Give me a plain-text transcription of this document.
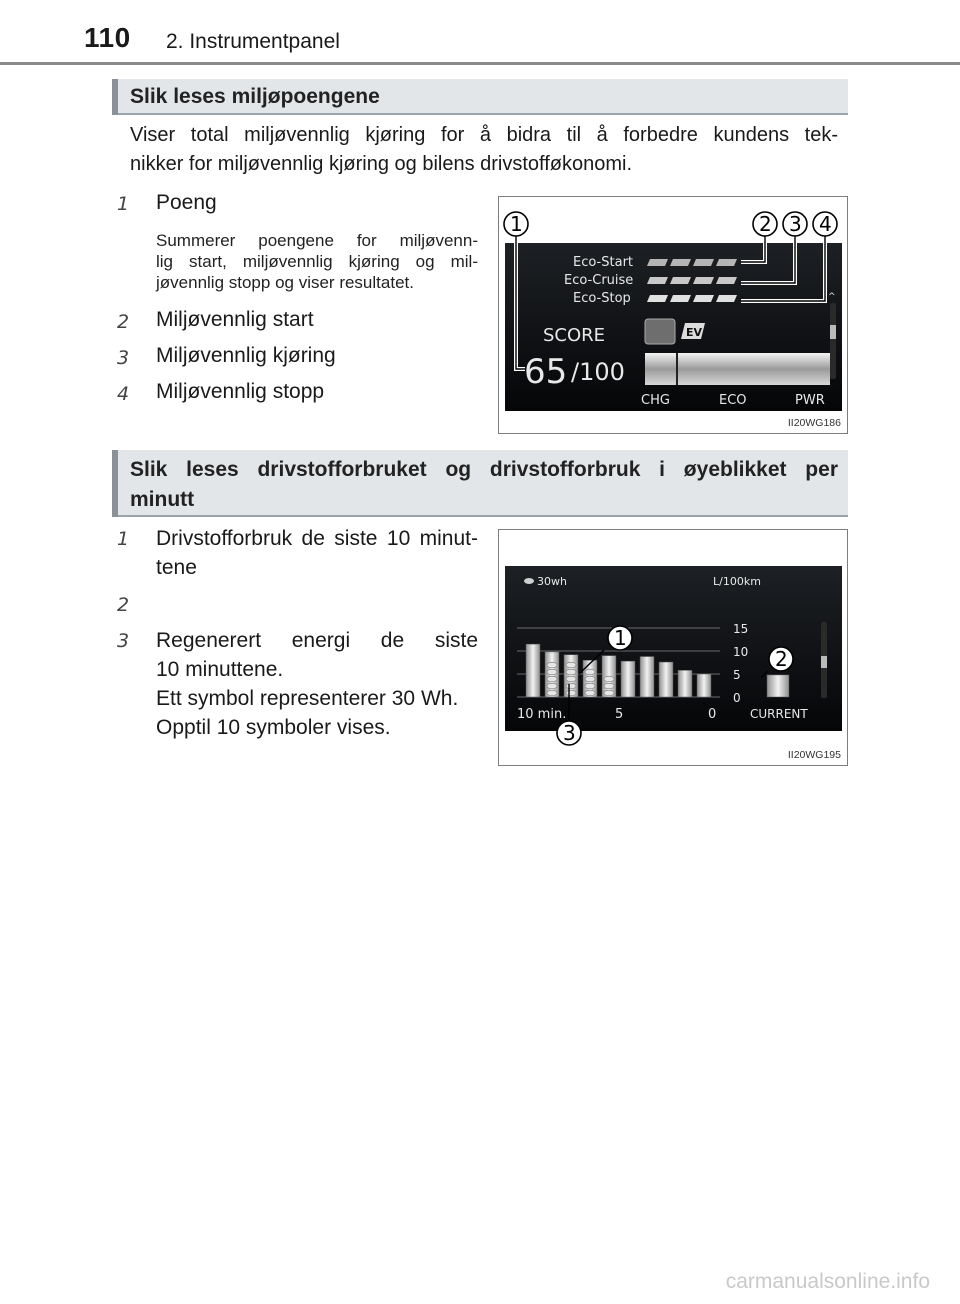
110 2. Instrumentpanel
Slik leses miljøpoengene
Viser total miljøvennlig kjøring for å bidra til å forbedre kundens tek-
nikker for miljøvennlig kjøring og bilens drivstofføkonomi.
1 Poeng
Summerer poengene for miljøvenn-
lig start, miljøvennlig kjøring og mil-
jøvennlig stopp og viser resultatet.
2 Miljøvennlig start
3 Miljøvennlig kjøring
4 Miljøvennlig stopp
Eco-Start
Eco-Cruise
Eco-Stop
SCORE	EV
65 /100
CHG	ECO	PWR
^
1	2 3 4
II20WG186
Slik leses drivstofforbruket og drivstofforbruk i øyeblikket per
minutt
1 Drivstofforbruk de siste 10 minut-
tene
2
3 Regenerert energi de siste
10 minuttene.
Ett symbol representerer 30 Wh.
Opptil 10 symboler vises.
30wh	L/100km
15
10
5
0
10 min.	5	0	CURRENT
1
2
3
II20WG195
carmanualsonline.info
